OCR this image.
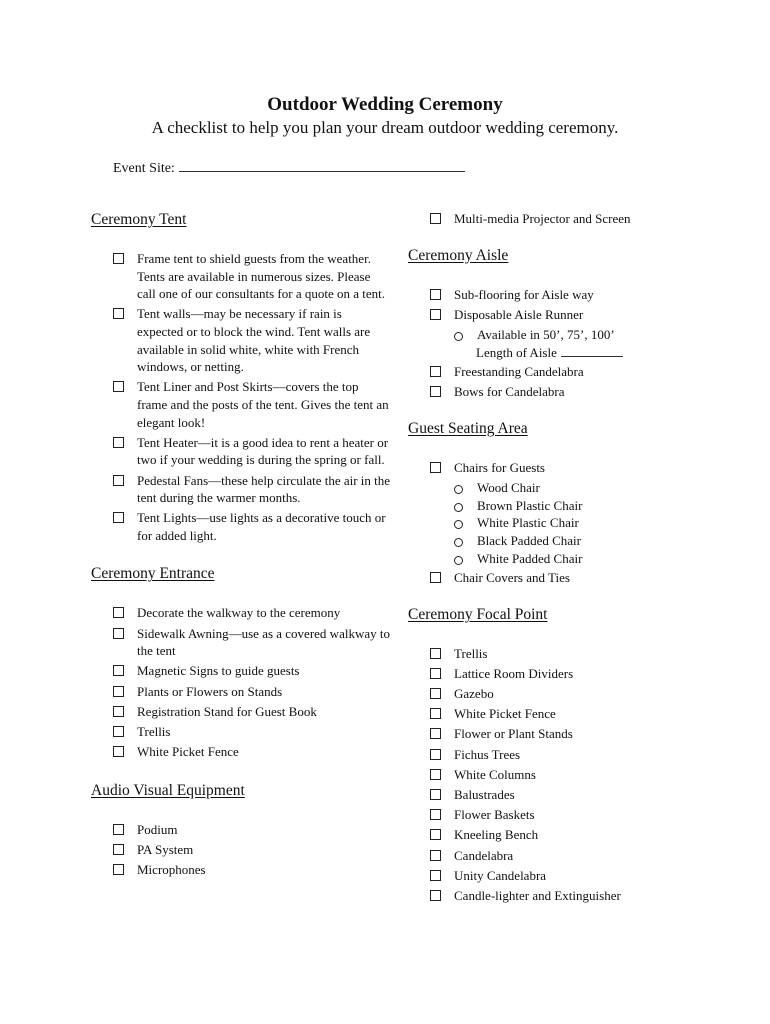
Outdoor Wedding Ceremony
A checklist to help you plan your dream outdoor wedding ceremony.
Event Site:
Ceremony Tent
Frame tent to shield guests from the weather. Tents are available in numerous sizes. Please call one of our consultants for a quote on a tent.
Tent walls—may be necessary if rain is expected or to block the wind. Tent walls are available in solid white, white with French windows, or netting.
Tent Liner and Post Skirts—covers the top frame and the posts of the tent. Gives the tent an elegant look!
Tent Heater—it is a good idea to rent a heater or two if your wedding is during the spring or fall.
Pedestal Fans—these help circulate the air in the tent during the warmer months.
Tent Lights—use lights as a decorative touch or for added light.
Ceremony Entrance
Decorate the walkway to the ceremony
Sidewalk Awning—use as a covered walkway to the tent
Magnetic Signs to guide guests
Plants or Flowers on Stands
Registration Stand for Guest Book
Trellis
White Picket Fence
Audio Visual Equipment
Podium
PA System
Microphones
Multi-media Projector and Screen
Ceremony Aisle
Sub-flooring for Aisle way
Disposable Aisle Runner
Available in 50’, 75’, 100’
Length of Aisle
Freestanding Candelabra
Bows for Candelabra
Guest Seating Area
Chairs for Guests
Wood Chair
Brown Plastic Chair
White Plastic Chair
Black Padded Chair
White Padded Chair
Chair Covers and Ties
Ceremony Focal Point
Trellis
Lattice Room Dividers
Gazebo
White Picket Fence
Flower or Plant Stands
Fichus Trees
White Columns
Balustrades
Flower Baskets
Kneeling Bench
Candelabra
Unity Candelabra
Candle-lighter and Extinguisher
